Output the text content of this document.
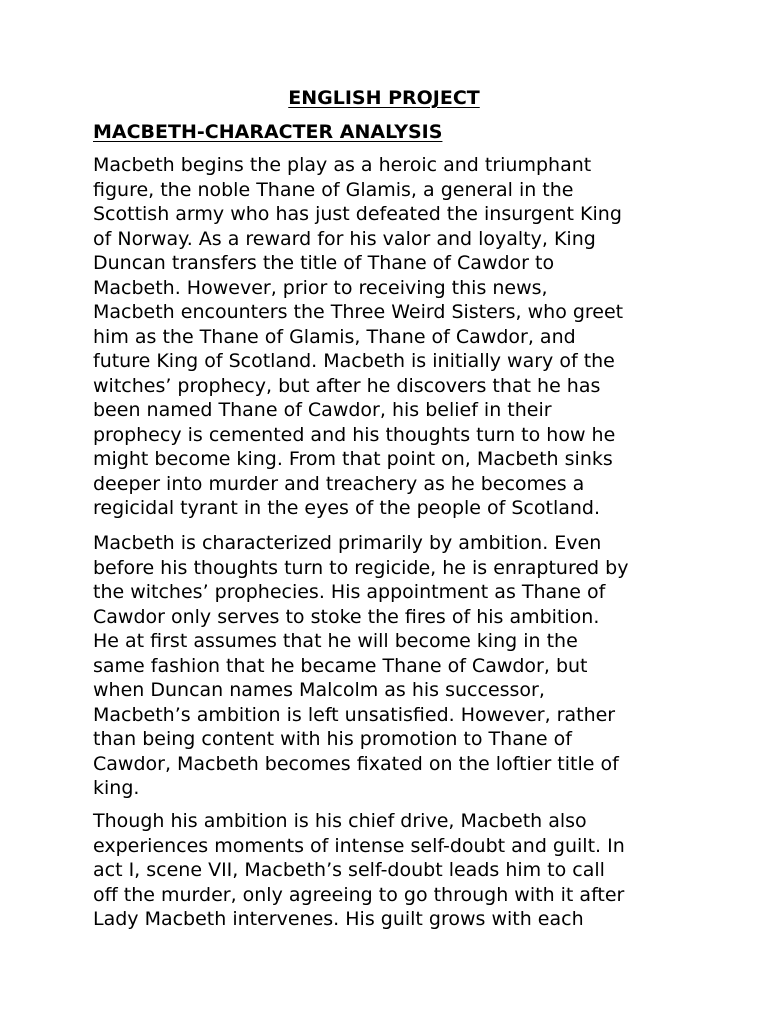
ENGLISH PROJECT
MACBETH-CHARACTER ANALYSIS
Macbeth begins the play as a heroic and triumphant
figure, the noble Thane of Glamis, a general in the
Scottish army who has just defeated the insurgent King
of Norway. As a reward for his valor and loyalty, King
Duncan transfers the title of Thane of Cawdor to
Macbeth. However, prior to receiving this news,
Macbeth encounters the Three Weird Sisters, who greet
him as the Thane of Glamis, Thane of Cawdor, and
future King of Scotland. Macbeth is initially wary of the
witches’ prophecy, but after he discovers that he has
been named Thane of Cawdor, his belief in their
prophecy is cemented and his thoughts turn to how he
might become king. From that point on, Macbeth sinks
deeper into murder and treachery as he becomes a
regicidal tyrant in the eyes of the people of Scotland.
Macbeth is characterized primarily by ambition. Even
before his thoughts turn to regicide, he is enraptured by
the witches’ prophecies. His appointment as Thane of
Cawdor only serves to stoke the fires of his ambition.
He at first assumes that he will become king in the
same fashion that he became Thane of Cawdor, but
when Duncan names Malcolm as his successor,
Macbeth’s ambition is left unsatisfied. However, rather
than being content with his promotion to Thane of
Cawdor, Macbeth becomes fixated on the loftier title of
king.
Though his ambition is his chief drive, Macbeth also
experiences moments of intense self-doubt and guilt. In
act I, scene VII, Macbeth’s self-doubt leads him to call
off the murder, only agreeing to go through with it after
Lady Macbeth intervenes. His guilt grows with each
